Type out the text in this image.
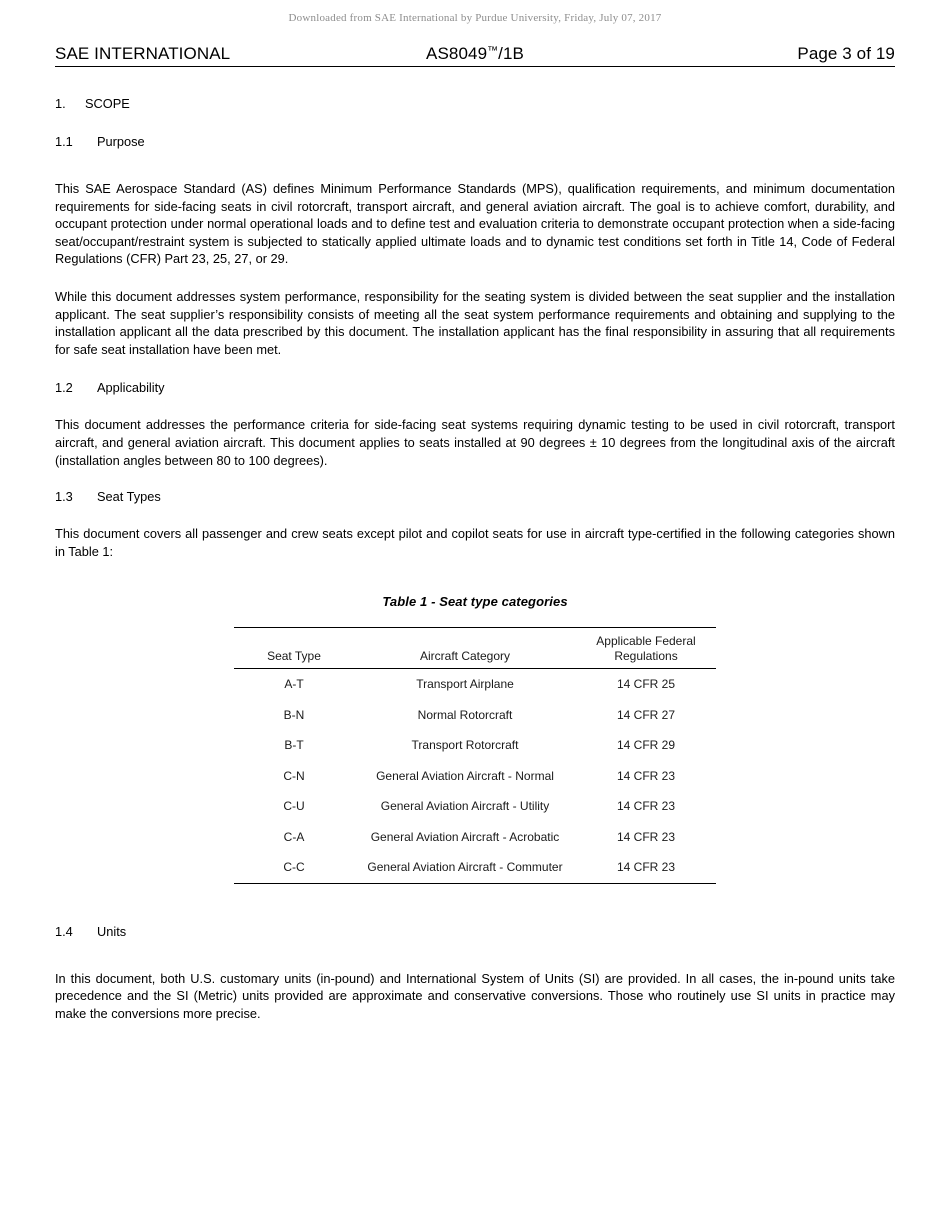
Downloaded from SAE International by Purdue University, Friday, July 07, 2017
SAE INTERNATIONAL	AS8049™/1B	Page 3 of 19
1. SCOPE
1.1 Purpose

This SAE Aerospace Standard (AS) defines Minimum Performance Standards (MPS), qualification requirements, and minimum documentation requirements for side-facing seats in civil rotorcraft, transport aircraft, and general aviation aircraft. The goal is to achieve comfort, durability, and occupant protection under normal operational loads and to define test and evaluation criteria to demonstrate occupant protection when a side-facing seat/occupant/restraint system is subjected to statically applied ultimate loads and to dynamic test conditions set forth in Title 14, Code of Federal Regulations (CFR) Part 23, 25, 27, or 29.

While this document addresses system performance, responsibility for the seating system is divided between the seat supplier and the installation applicant. The seat supplier’s responsibility consists of meeting all the seat system performance requirements and obtaining and supplying to the installation applicant all the data prescribed by this document. The installation applicant has the final responsibility in assuring that all requirements for safe seat installation have been met.

1.2 Applicability

This document addresses the performance criteria for side-facing seat systems requiring dynamic testing to be used in civil rotorcraft, transport aircraft, and general aviation aircraft. This document applies to seats installed at 90 degrees ± 10 degrees from the longitudinal axis of the aircraft (installation angles between 80 to 100 degrees).

1.3 Seat Types

This document covers all passenger and crew seats except pilot and copilot seats for use in aircraft type-certified in the following categories shown in Table 1:

Table 1 - Seat type categories
Seat Type	Aircraft Category	Applicable Federal
Regulations

A-T	Transport Airplane	14 CFR 25
B-N	Normal Rotorcraft	14 CFR 27
B-T	Transport Rotorcraft	14 CFR 29
C-N	General Aviation Aircraft - Normal	14 CFR 23
C-U	General Aviation Aircraft - Utility	14 CFR 23
C-A	General Aviation Aircraft - Acrobatic	14 CFR 23
C-C	General Aviation Aircraft - Commuter	14 CFR 23
1.4 Units

In this document, both U.S. customary units (in-pound) and International System of Units (SI) are provided. In all cases, the in-pound units take precedence and the SI (Metric) units provided are approximate and conservative conversions. Those who routinely use SI units in practice may make the conversions more precise.
